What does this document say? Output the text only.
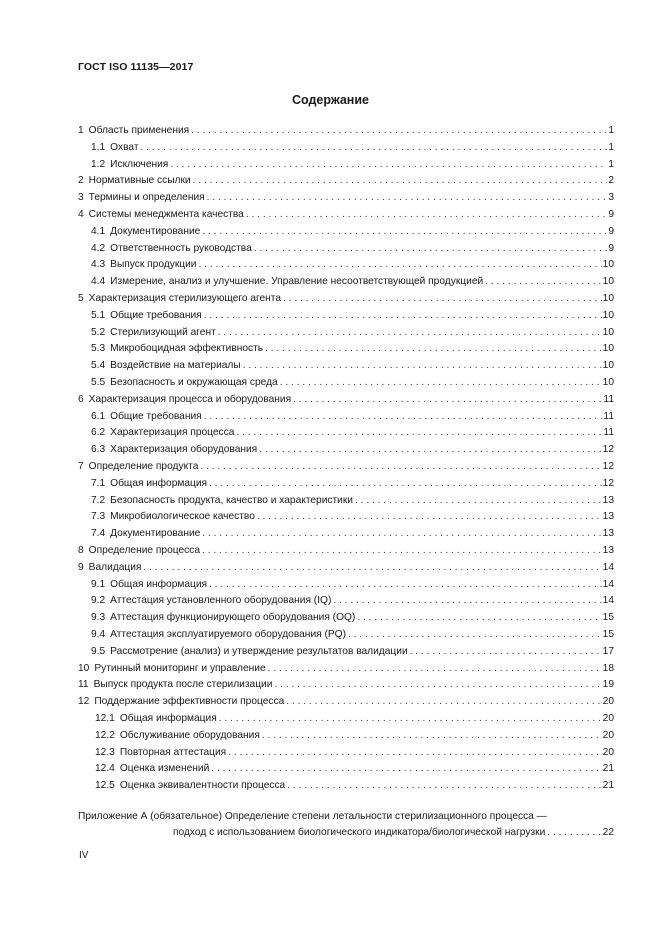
ГОСТ ISO 11135—2017
Содержание
1 Область применения . . .	1
1.1 Охват . . .	1
1.2 Исключения . . .	1
2 Нормативные ссылки . . .	2
3 Термины и определения . . .	3
4 Системы менеджмента качества . . .	9
4.1 Документирование . . .	9
4.2 Ответственность руководства . . .	9
4.3 Выпуск продукции . . .	10
4.4 Измерение, анализ и улучшение. Управление несоответствующей продукцией . . .	10
5 Характеризация стерилизующего агента . . .	10
5.1 Общие требования . . .	10
5.2 Стерилизующий агент . . .	10
5.3 Микробоцидная эффективность . . .	10
5.4 Воздействие на материалы . . .	10
5.5 Безопасность и окружающая среда . . .	10
6 Характеризация процесса и оборудования . . .	11
6.1 Общие требования . . .	11
6.2 Характеризация процесса . . .	11
6.3 Характеризация оборудования . . .	12
7 Определение продукта . . .	12
7.1 Общая информация . . .	12
7.2 Безопасность продукта, качество и характеристики . . .	13
7.3 Микробиологическое качество . . .	13
7.4 Документирование . . .	13
8 Определение процесса . . .	13
9 Валидация . . .	14
9.1 Общая информация . . .	14
9.2 Аттестация установленного оборудования (IQ) . . .	14
9.3 Аттестация функционирующего оборудования (OQ) . . .	15
9.4 Аттестация эксплуатируемого оборудования (PQ) . . .	15
9.5 Рассмотрение (анализ) и утверждение результатов валидации . . .	17
10 Рутинный мониторинг и управление . . .	18
11 Выпуск продукта после стерилизации . . .	19
12 Поддержание эффективности процесса . . .	20
12.1 Общая информация . . .	20
12.2 Обслуживание оборудования . . .	20
12.3 Повторная аттестация . . .	20
12.4 Оценка изменений . . .	21
12.5 Оценка эквивалентности процесса . . .	21
Приложение А (обязательное) Определение степени летальности стерилизационного процесса —
подход с использованием биологического индикатора/биологической нагрузки . . .	22
IV
